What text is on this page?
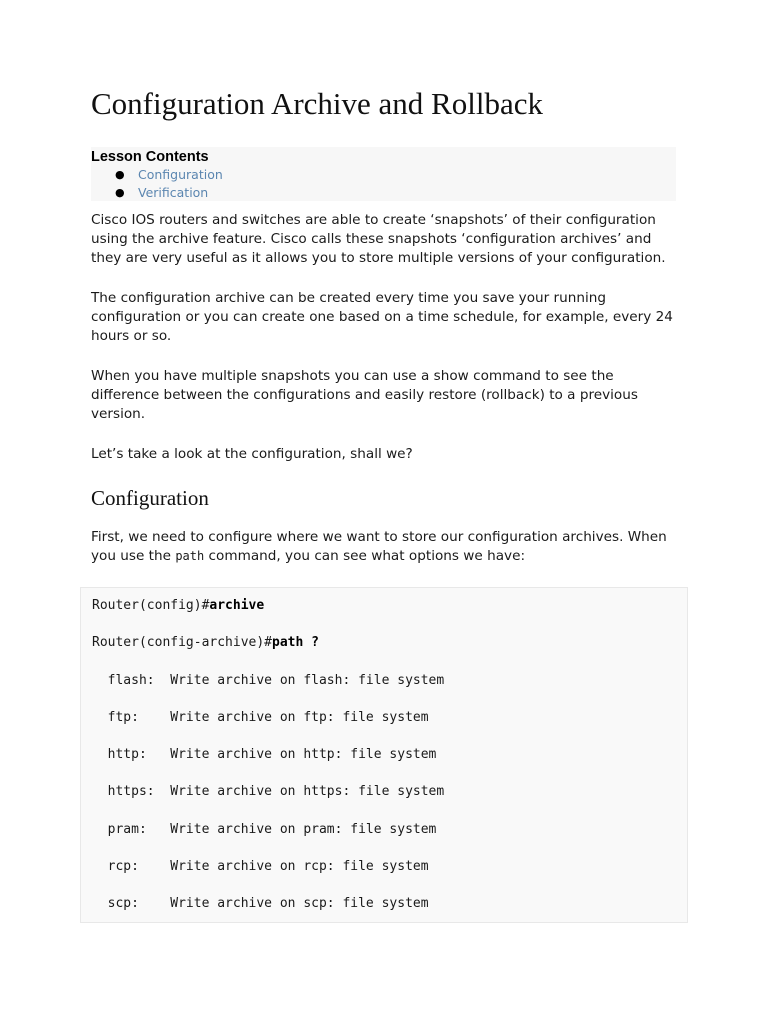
Configuration Archive and Rollback
Lesson Contents
● Configuration
● Verification

Cisco IOS routers and switches are able to create ‘snapshots’ of their configuration
using the archive feature. Cisco calls these snapshots ‘configuration archives’ and
they are very useful as it allows you to store multiple versions of your configuration.

The configuration archive can be created every time you save your running
configuration or you can create one based on a time schedule, for example, every 24
hours or so.

When you have multiple snapshots you can use a show command to see the
difference between the configurations and easily restore (rollback) to a previous
version.

Let’s take a look at the configuration, shall we?

Configuration

First, we need to configure where we want to store our configuration archives. When
you use the path command, you can see what options we have:

Router(config)#archive
Router(config-archive)#path ?
flash:  Write archive on flash: file system
ftp:    Write archive on ftp: file system
http:   Write archive on http: file system
https:  Write archive on https: file system
pram:   Write archive on pram: file system
rcp:    Write archive on rcp: file system
scp:    Write archive on scp: file system
